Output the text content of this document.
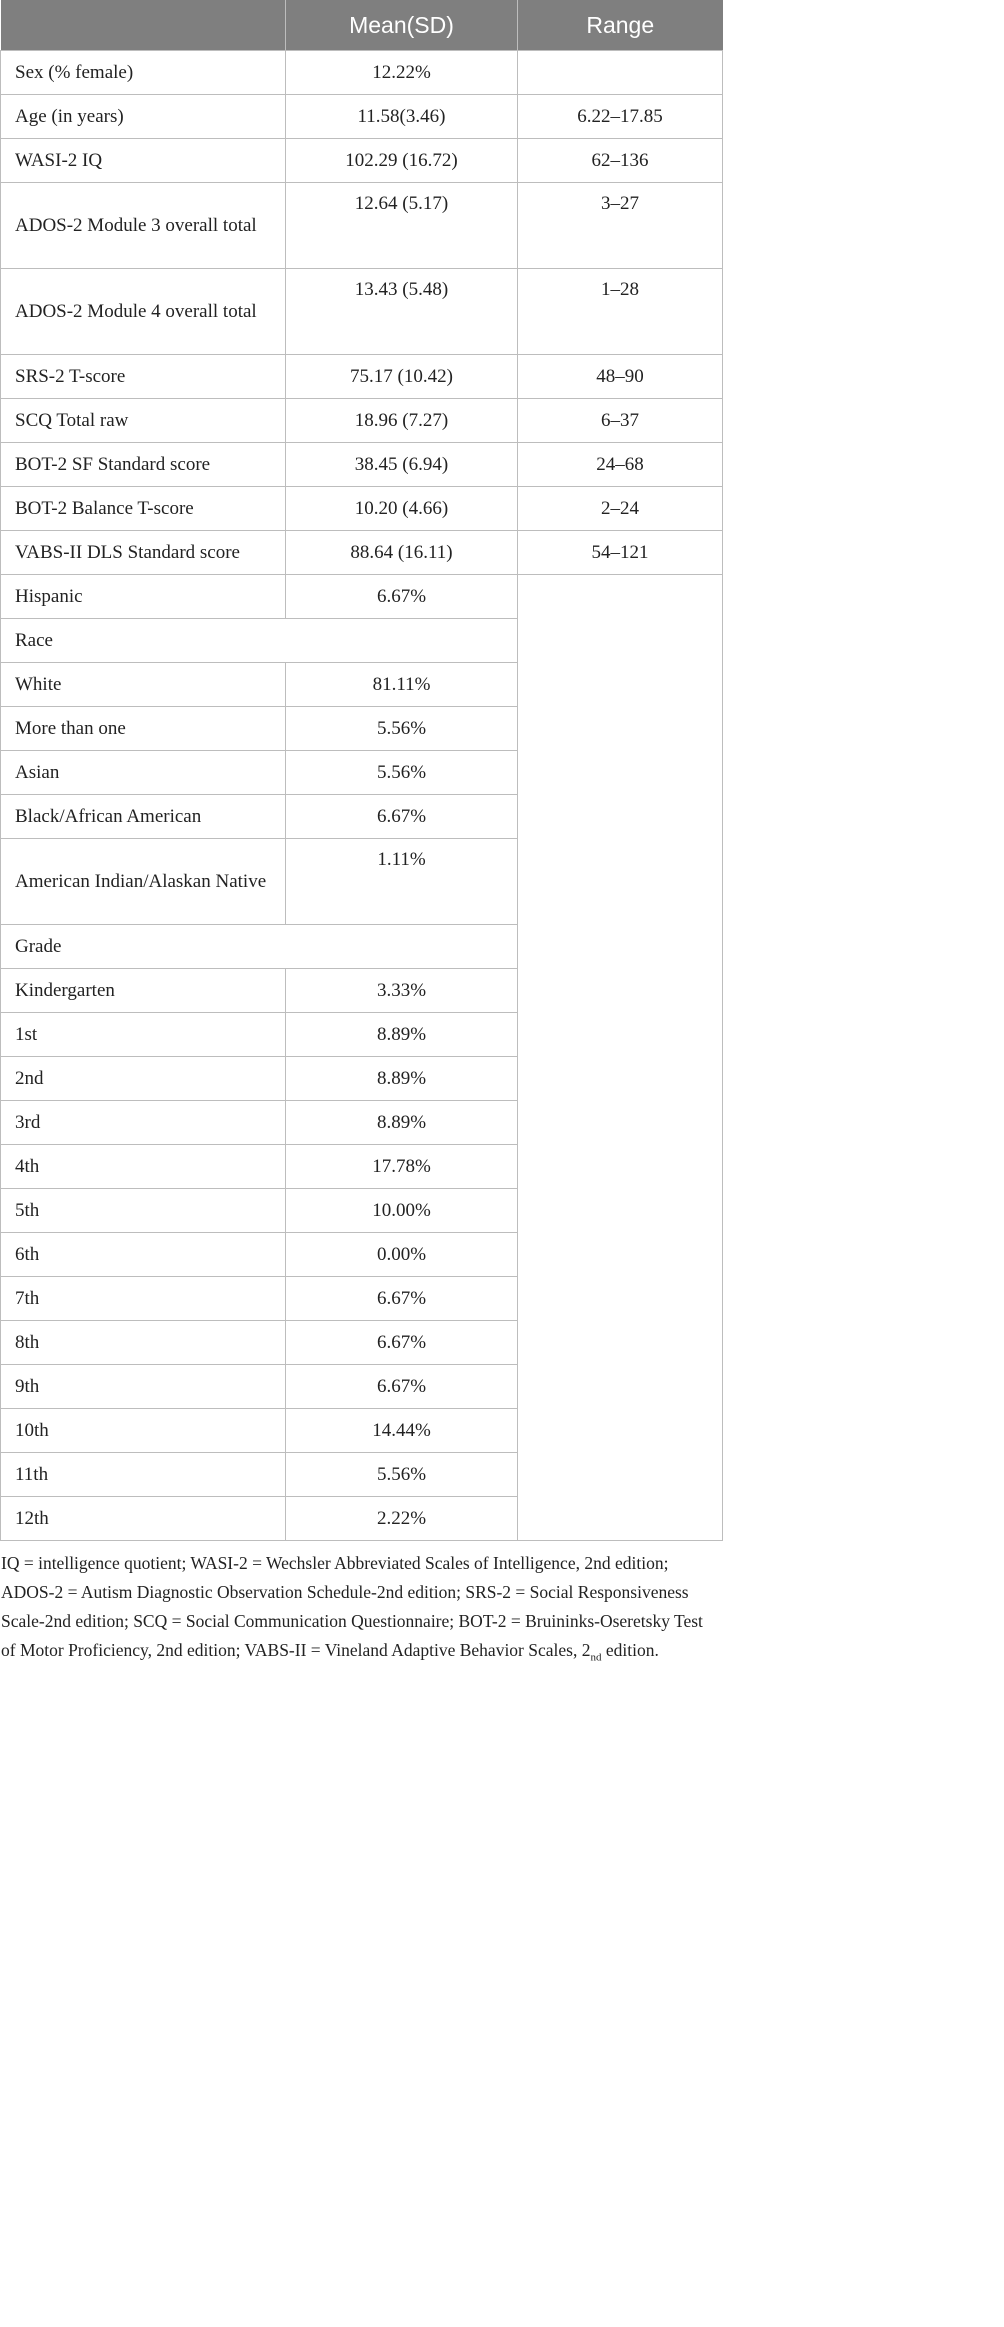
	Mean(SD)	Range
Sex (% female)	12.22%	
Age (in years)	11.58(3.46)	6.22–17.85
WASI-2 IQ	102.29 (16.72)	62–136
ADOS-2 Module 3 overall total	12.64 (5.17)	3–27
ADOS-2 Module 4 overall total	13.43 (5.48)	1–28
SRS-2 T-score	75.17 (10.42)	48–90
SCQ Total raw	18.96 (7.27)	6–37
BOT-2 SF Standard score	38.45 (6.94)	24–68
BOT-2 Balance T-score	10.20 (4.66)	2–24
VABS-II DLS Standard score	88.64 (16.11)	54–121
Hispanic	6.67%	
Race		
White	81.11%	
More than one	5.56%	
Asian	5.56%	
Black/African American	6.67%	
American Indian/Alaskan Native	1.11%	
Grade		
Kindergarten	3.33%	
1st	8.89%	
2nd	8.89%	
3rd	8.89%	
4th	17.78%	
5th	10.00%	
6th	0.00%	
7th	6.67%	
8th	6.67%	
9th	6.67%	
10th	14.44%	
11th	5.56%	
12th	2.22%	
IQ = intelligence quotient; WASI-2 = Wechsler Abbreviated Scales of Intelligence, 2nd edition; ADOS-2 = Autism Diagnostic Observation Schedule-2nd edition; SRS-2 = Social Responsiveness Scale-2nd edition; SCQ = Social Communication Questionnaire; BOT-2 = Bruininks-Oseretsky Test of Motor Proficiency, 2nd edition; VABS-II = Vineland Adaptive Behavior Scales, $2_{nd}$ edition.
